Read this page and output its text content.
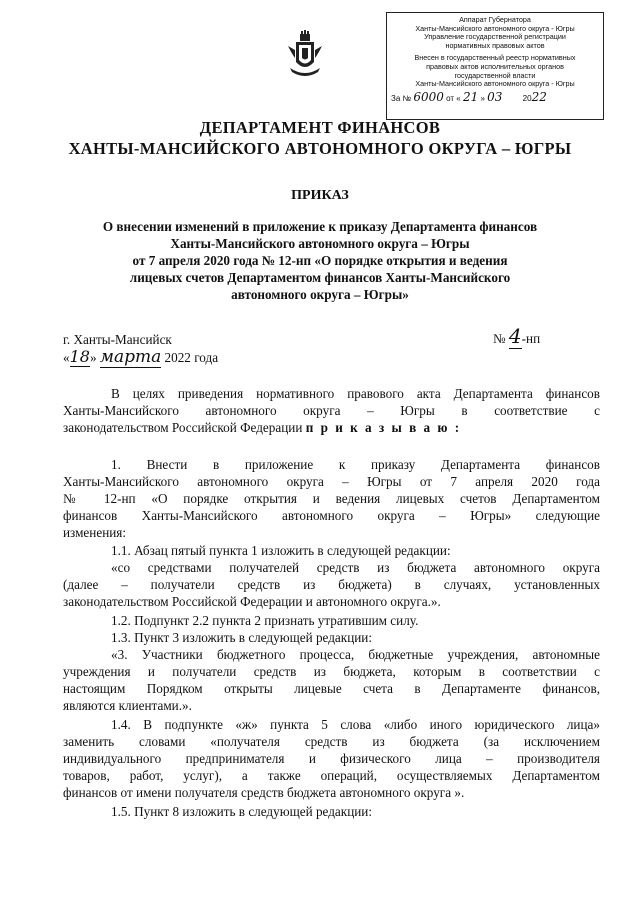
Аппарат Губернатора
Ханты-Мансийского автономного округа - Югры
Управление государственной регистрации
нормативных правовых актов
Внесен в государственный реестр нормативных
правовых актов исполнительных органов
государственной власти
Ханты-Мансийского автономного округа - Югры
За № 6000 от « 21 » 03	2022
ДЕПАРТАМЕНТ ФИНАНСОВ
ХАНТЫ-МАНСИЙСКОГО АВТОНОМНОГО ОКРУГА – ЮГРЫ
ПРИКАЗ
О внесении изменений в приложение к приказу Департамента финансов
Ханты-Мансийского автономного округа – Югры
от 7 апреля 2020 года № 12-нп «О порядке открытия и ведения
лицевых счетов Департаментом финансов Ханты-Мансийского
автономного округа – Югры»
г. Ханты-Мансийск	№ 4-нп
«18» марта 2022 года
В целях приведения нормативного правового акта Департамента финансов
Ханты-Мансийского автономного округа – Югры в соответствие с
законодательством Российской Федерации п р и к а з ы в а ю :
1. Внести в приложение к приказу Департамента финансов
Ханты-Мансийского автономного округа – Югры от 7 апреля 2020 года
№ 12-нп «О порядке открытия и ведения лицевых счетов Департаментом
финансов Ханты-Мансийского автономного округа – Югры» следующие
изменения:
1.1. Абзац пятый пункта 1 изложить в следующей редакции:
«со средствами получателей средств из бюджета автономного округа
(далее – получатели средств из бюджета) в случаях, установленных
законодательством Российской Федерации и автономного округа.».
1.2. Подпункт 2.2 пункта 2 признать утратившим силу.
1.3. Пункт 3 изложить в следующей редакции:
«3. Участники бюджетного процесса, бюджетные учреждения, автономные
учреждения и получатели средств из бюджета, которым в соответствии с
настоящим Порядком открыты лицевые счета в Департаменте финансов,
являются клиентами.».
1.4. В подпункте «ж» пункта 5 слова «либо иного юридического лица»
заменить словами «получателя средств из бюджета (за исключением
индивидуального предпринимателя и физического лица – производителя
товаров, работ, услуг), а также операций, осуществляемых Департаментом
финансов от имени получателя средств бюджета автономного округа ».
1.5. Пункт 8 изложить в следующей редакции:
